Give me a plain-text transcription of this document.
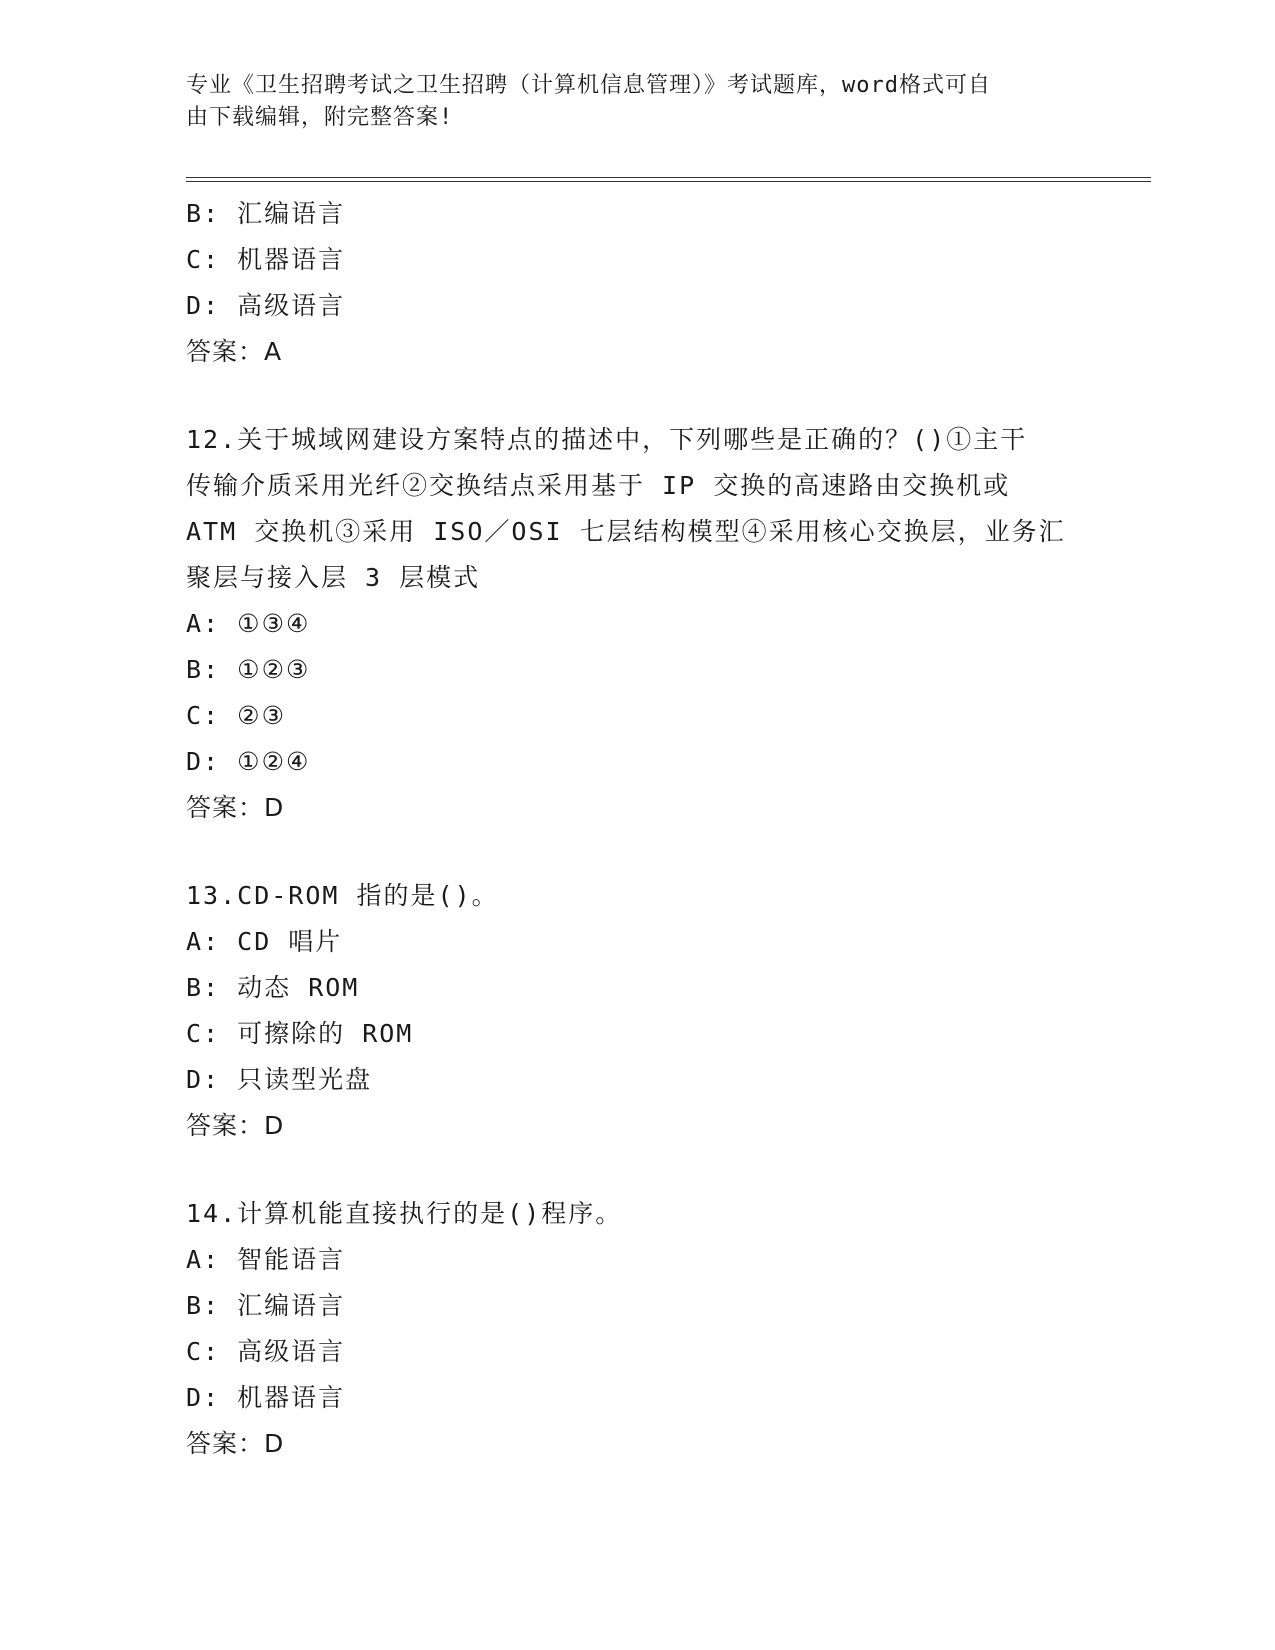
专业《卫生招聘考试之卫生招聘（计算机信息管理）》考试题库，word格式可自
由下载编辑，附完整答案!
B: 汇编语言
C: 机器语言
D: 高级语言
答案：A
12.关于城域网建设方案特点的描述中，下列哪些是正确的？()①主干
传输介质采用光纤②交换结点采用基于 IP 交换的高速路由交换机或
ATM 交换机③采用 ISO／OSI 七层结构模型④采用核心交换层，业务汇
聚层与接入层 3 层模式
A: ①③④
B: ①②③
C: ②③
D: ①②④
答案：D
13.CD-ROM 指的是()。
A: CD 唱片
B: 动态 ROM
C: 可擦除的 ROM
D: 只读型光盘
答案：D
14.计算机能直接执行的是()程序。
A: 智能语言
B: 汇编语言
C: 高级语言
D: 机器语言
答案：D
